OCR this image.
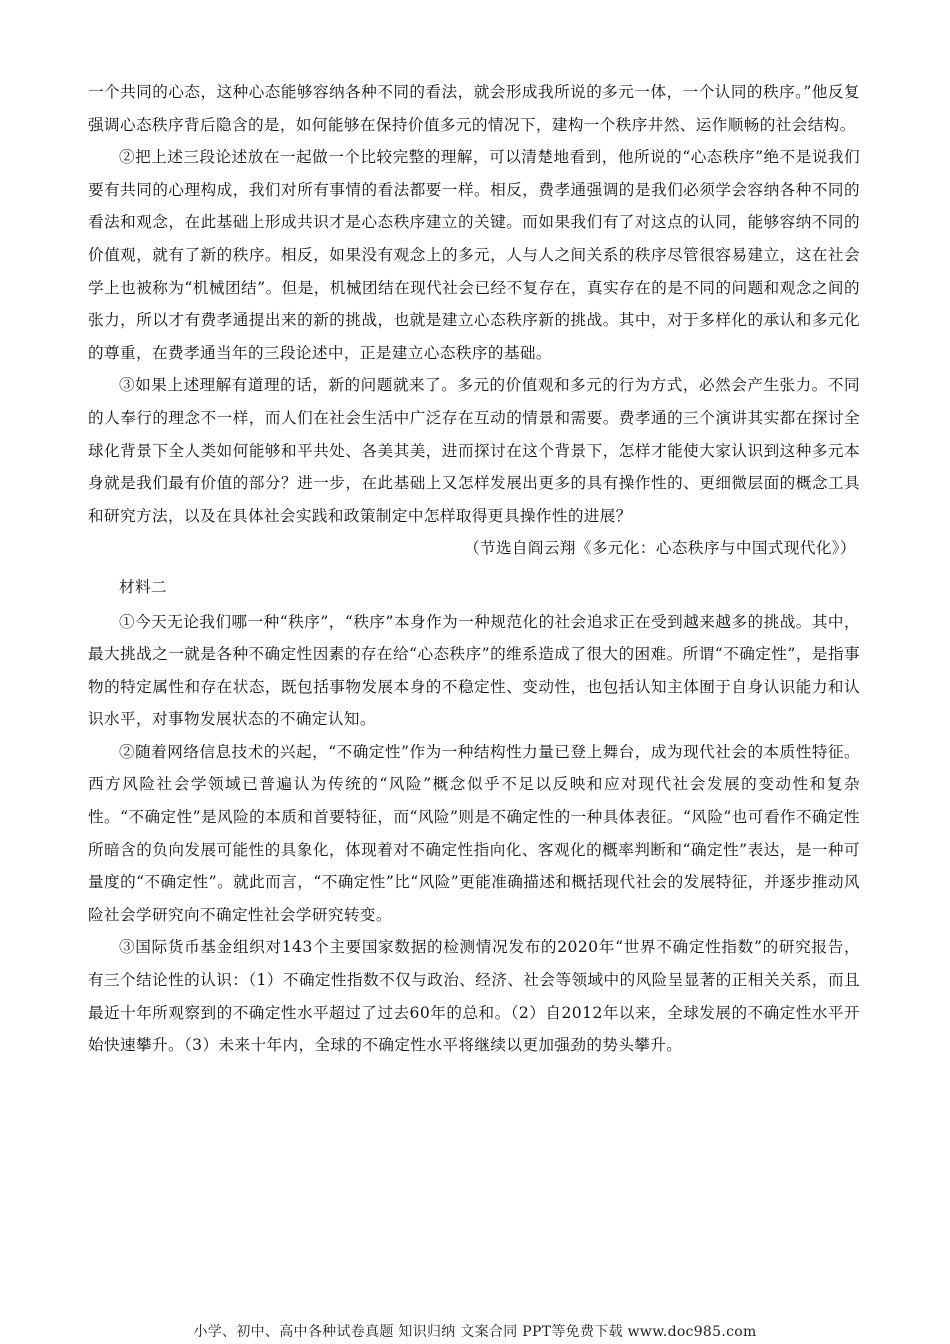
一个共同的心态，这种心态能够容纳各种不同的看法，就会形成我所说的多元一体，一个认同的秩序。”他反复强调心态秩序背后隐含的是，如何能够在保持价值多元的情况下，建构一个秩序井然、运作顺畅的社会结构。

②把上述三段论述放在一起做一个比较完整的理解，可以清楚地看到，他所说的“心态秩序”绝不是说我们要有共同的心理构成，我们对所有事情的看法都要一样。相反，费孝通强调的是我们必须学会容纳各种不同的看法和观念，在此基础上形成共识才是心态秩序建立的关键。而如果我们有了对这点的认同，能够容纳不同的价值观，就有了新的秩序。相反，如果没有观念上的多元，人与人之间关系的秩序尽管很容易建立，这在社会学上也被称为“机械团结”。但是，机械团结在现代社会已经不复存在，真实存在的是不同的问题和观念之间的张力，所以才有费孝通提出来的新的挑战，也就是建立心态秩序新的挑战。其中，对于多样化的承认和多元化的尊重，在费孝通当年的三段论述中，正是建立心态秩序的基础。

③如果上述理解有道理的话，新的问题就来了。多元的价值观和多元的行为方式，必然会产生张力。不同的人奉行的理念不一样，而人们在社会生活中广泛存在互动的情景和需要。费孝通的三个演讲其实都在探讨全球化背景下全人类如何能够和平共处、各美其美，进而探讨在这个背景下，怎样才能使大家认识到这种多元本身就是我们最有价值的部分？进一步，在此基础上又怎样发展出更多的具有操作性的、更细微层面的概念工具和研究方法，以及在具体社会实践和政策制定中怎样取得更具操作性的进展？

（节选自阎云翔《多元化：心态秩序与中国式现代化》）

材料二

①今天无论我们哪一种“秩序”，“秩序”本身作为一种规范化的社会追求正在受到越来越多的挑战。其中，最大挑战之一就是各种不确定性因素的存在给“心态秩序”的维系造成了很大的困难。所谓“不确定性”，是指事物的特定属性和存在状态，既包括事物发展本身的不稳定性、变动性，也包括认知主体囿于自身认识能力和认识水平，对事物发展状态的不确定认知。

②随着网络信息技术的兴起，“不确定性”作为一种结构性力量已登上舞台，成为现代社会的本质性特征。西方风险社会学领域已普遍认为传统的“风险”概念似乎不足以反映和应对现代社会发展的变动性和复杂性。“不确定性”是风险的本质和首要特征，而“风险”则是不确定性的一种具体表征。“风险”也可看作不确定性所暗含的负向发展可能性的具象化，体现着对不确定性指向化、客观化的概率判断和“确定性”表达，是一种可量度的“不确定性”。就此而言，“不确定性”比“风险”更能准确描述和概括现代社会的发展特征，并逐步推动风险社会学研究向不确定性社会学研究转变。

③国际货币基金组织对143个主要国家数据的检测情况发布的2020年“世界不确定性指数”的研究报告，有三个结论性的认识：（1）不确定性指数不仅与政治、经济、社会等领域中的风险呈显著的正相关关系，而且最近十年所观察到的不确定性水平超过了过去60年的总和。（2）自2012年以来，全球发展的不确定性水平开始快速攀升。（3）未来十年内，全球的不确定性水平将继续以更加强劲的势头攀升。

小学、初中、高中各种试卷真题 知识归纳 文案合同 PPT等免费下载 www.doc985.com
